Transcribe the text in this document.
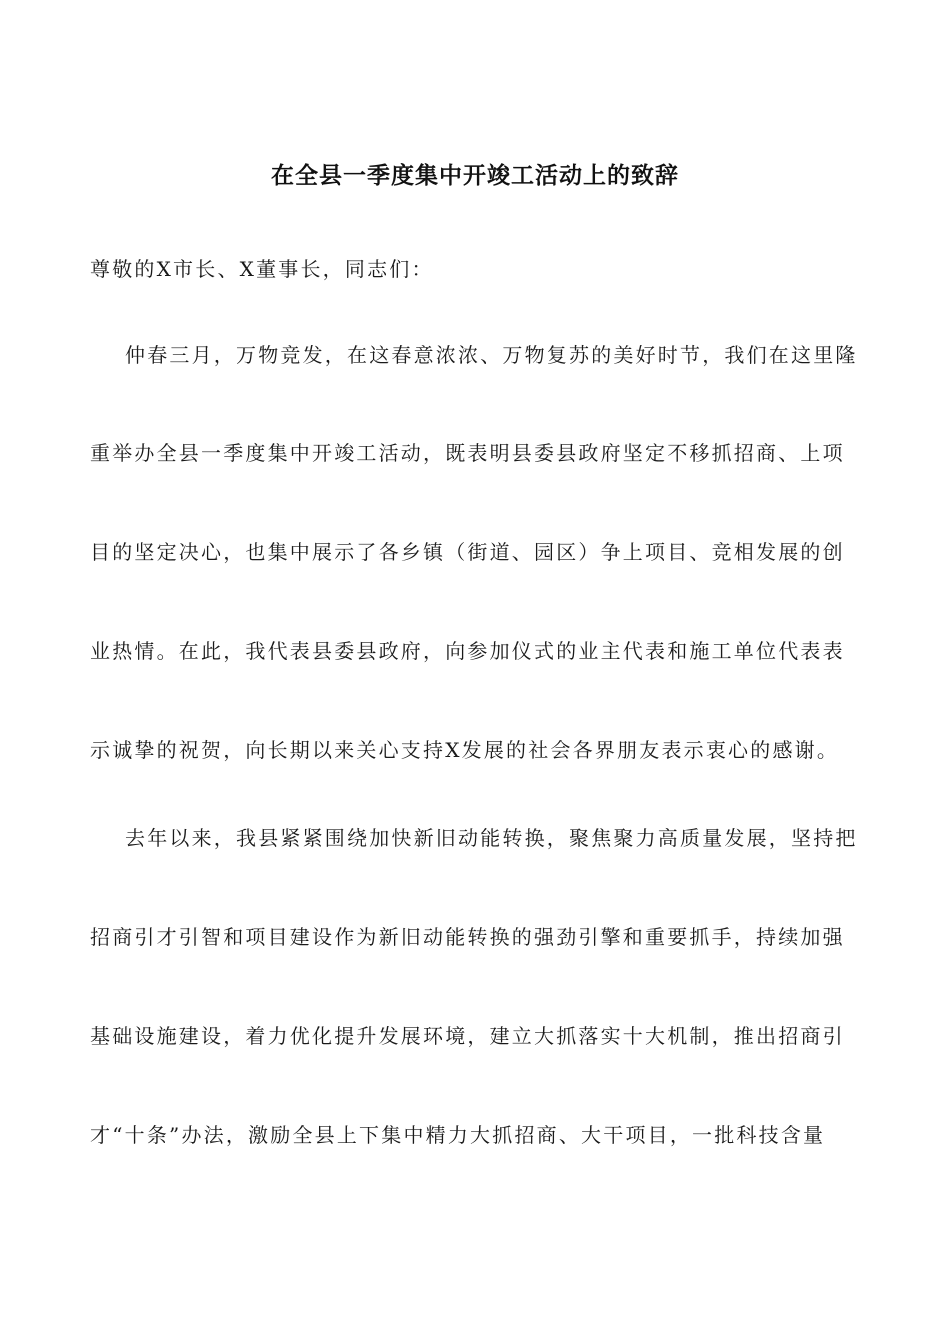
在全县一季度集中开竣工活动上的致辞
尊敬的X市长、X董事长，同志们：
仲春三月，万物竞发，在这春意浓浓、万物复苏的美好时节，我们在这里隆
重举办全县一季度集中开竣工活动，既表明县委县政府坚定不移抓招商、上项
目的坚定决心，也集中展示了各乡镇（街道、园区）争上项目、竞相发展的创
业热情。在此，我代表县委县政府，向参加仪式的业主代表和施工单位代表表
示诚挚的祝贺，向长期以来关心支持X发展的社会各界朋友表示衷心的感谢。
去年以来，我县紧紧围绕加快新旧动能转换，聚焦聚力高质量发展，坚持把
招商引才引智和项目建设作为新旧动能转换的强劲引擎和重要抓手，持续加强
基础设施建设，着力优化提升发展环境，建立大抓落实十大机制，推出招商引
才“十条”办法，激励全县上下集中精力大抓招商、大干项目，一批科技含量
